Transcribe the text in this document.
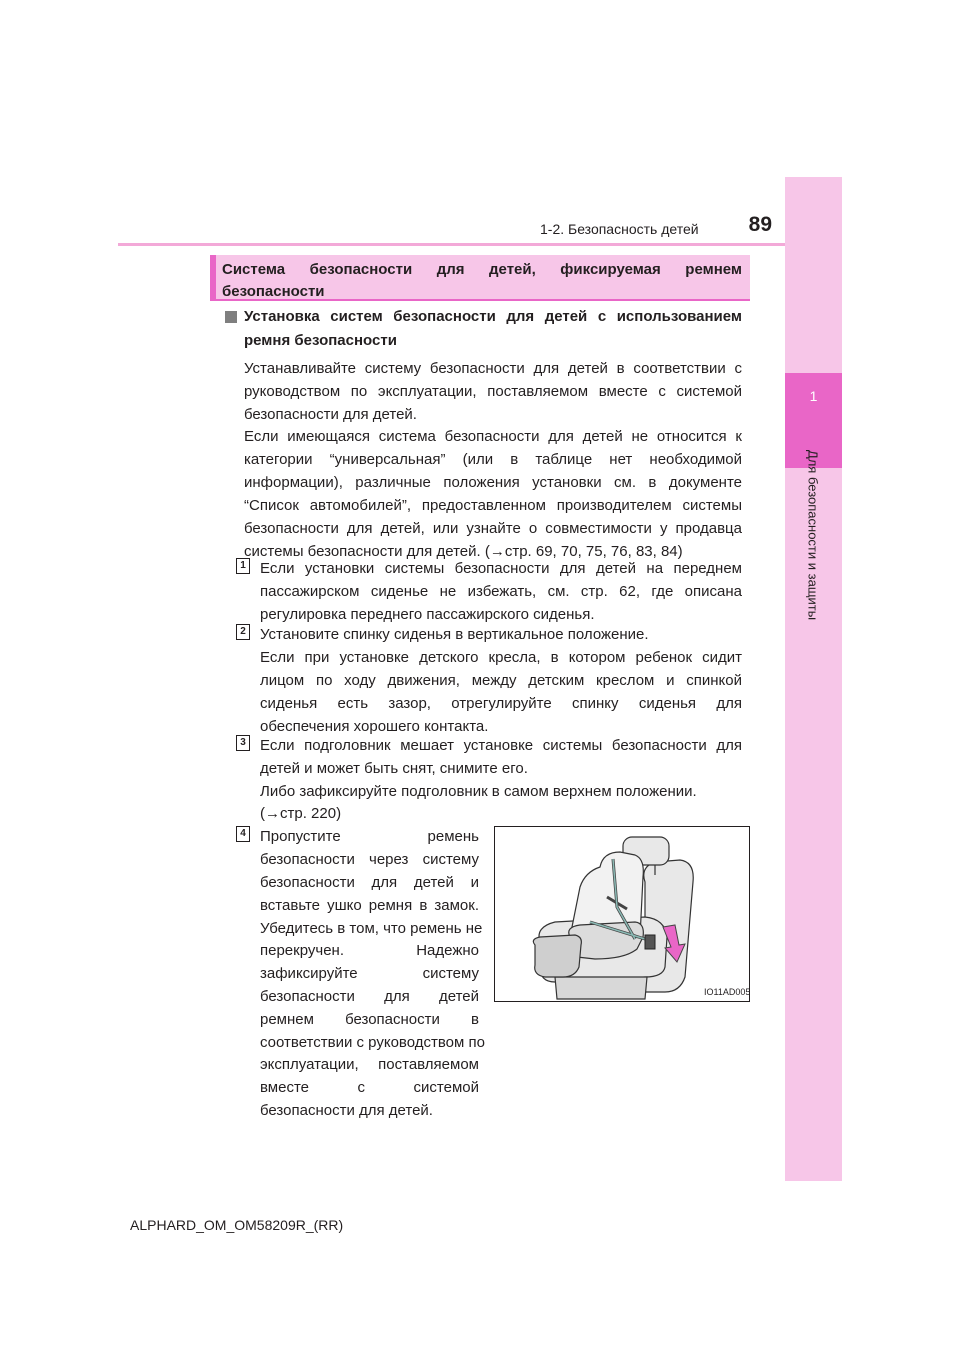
1-2. Безопасность детей	89
1
Для безопасности и защиты
Система безопасности для детей, фиксируемая ремнем
безопасности
Установка систем безопасности для детей с использованием
ремня безопасности
Устанавливайте систему безопасности для детей в соответствии с
руководством по эксплуатации, поставляемом вместе с системой
безопасности для детей.
Если имеющаяся система безопасности для детей не относится к
категории “универсальная” (или в таблице нет необходимой
информации), различные положения установки см. в документе
“Список автомобилей”, предоставленном производителем системы
безопасности для детей, или узнайте о совместимости у продавца
системы безопасности для детей. (→стр. 69, 70, 75, 76, 83, 84)
1 Если установки системы безопасности для детей на переднем
пассажирском сиденье не избежать, см. стр. 62, где описана
регулировка переднего пассажирского сиденья.
2 Установите спинку сиденья в вертикальное положение.
Если при установке детского кресла, в котором ребенок сидит
лицом по ходу движения, между детским креслом и спинкой
сиденья есть зазор, отрегулируйте спинку сиденья для
обеспечения хорошего контакта.
3 Если подголовник мешает установке системы безопасности для
детей и может быть снят, снимите его.
Либо зафиксируйте подголовник в самом верхнем положении.
(→стр. 220)
4 Пропустите ремень
безопасности через систему
безопасности для детей и
вставьте ушко ремня в замок.
Убедитесь в том, что ремень не
перекручен. Надежно
зафиксируйте систему
безопасности для детей
ремнем безопасности в
соответствии с руководством по
эксплуатации, поставляемом
вместе с системой
безопасности для детей.
IO11AD005
ALPHARD_OM_OM58209R_(RR)
